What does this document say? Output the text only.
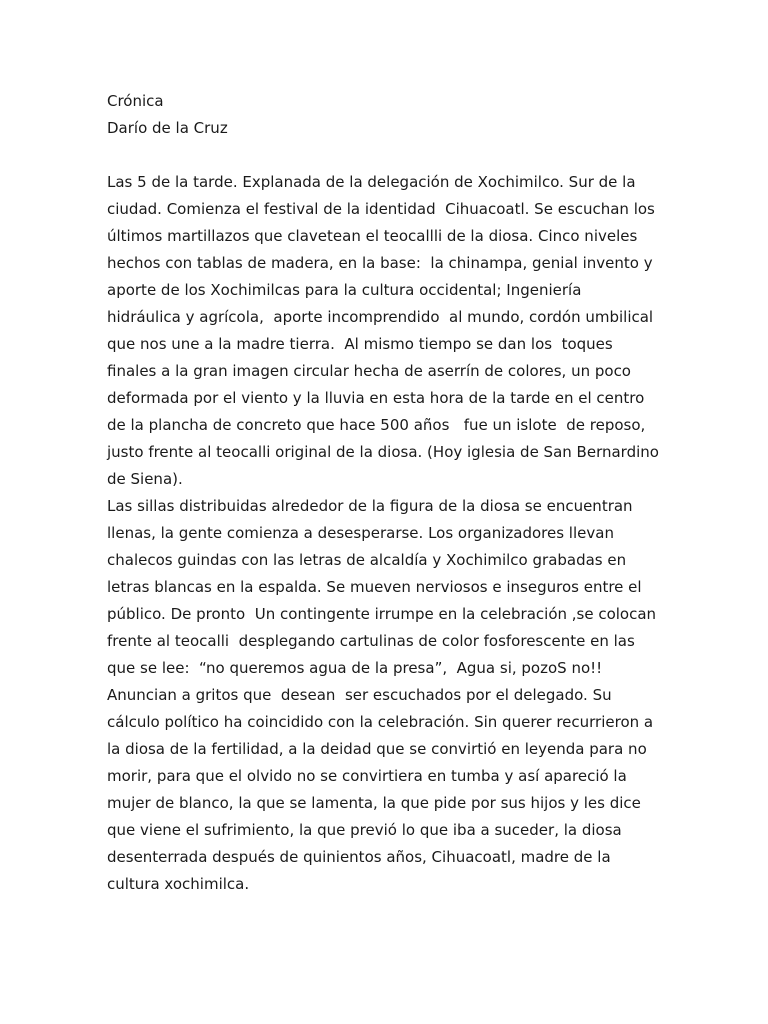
Crónica
Darío de la Cruz
Las 5 de la tarde. Explanada de la delegación de Xochimilco. Sur de la
ciudad. Comienza el festival de la identidad  Cihuacoatl. Se escuchan los
últimos martillazos que clavetean el teocallli de la diosa. Cinco niveles
hechos con tablas de madera, en la base:  la chinampa, genial invento y
aporte de los Xochimilcas para la cultura occidental; Ingeniería
hidráulica y agrícola,  aporte incomprendido  al mundo, cordón umbilical
que nos une a la madre tierra.  Al mismo tiempo se dan los  toques
finales a la gran imagen circular hecha de aserrín de colores, un poco
deformada por el viento y la lluvia en esta hora de la tarde en el centro
de la plancha de concreto que hace 500 años   fue un islote  de reposo,
justo frente al teocalli original de la diosa. (Hoy iglesia de San Bernardino
de Siena).
Las sillas distribuidas alrededor de la figura de la diosa se encuentran
llenas, la gente comienza a desesperarse. Los organizadores llevan
chalecos guindas con las letras de alcaldía y Xochimilco grabadas en
letras blancas en la espalda. Se mueven nerviosos e inseguros entre el
público. De pronto  Un contingente irrumpe en la celebración ,se colocan
frente al teocalli  desplegando cartulinas de color fosforescente en las
que se lee:  “no queremos agua de la presa”,  Agua si, pozoS no!!
Anuncian a gritos que  desean  ser escuchados por el delegado. Su
cálculo político ha coincidido con la celebración. Sin querer recurrieron a
la diosa de la fertilidad, a la deidad que se convirtió en leyenda para no
morir, para que el olvido no se convirtiera en tumba y así apareció la
mujer de blanco, la que se lamenta, la que pide por sus hijos y les dice
que viene el sufrimiento, la que previó lo que iba a suceder, la diosa
desenterrada después de quinientos años, Cihuacoatl, madre de la
cultura xochimilca.
